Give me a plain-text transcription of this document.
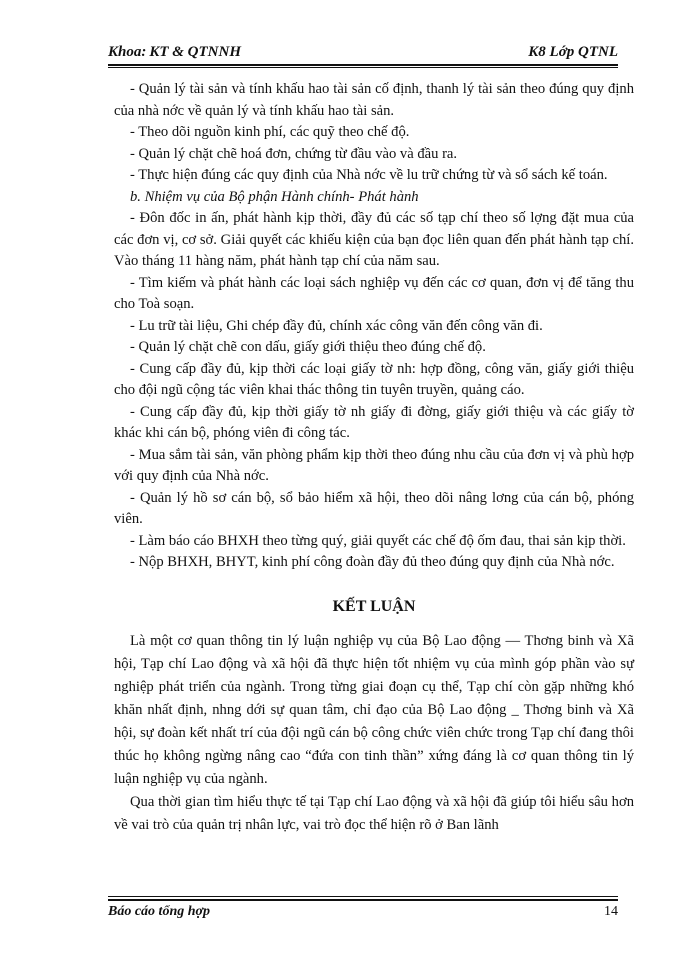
Khoa: KT & QTNNH	K8 Lớp QTNL

- Quản lý tài sản và tính khấu hao tài sản cố định, thanh lý tài sản theo đúng quy định của nhà nớc về quản lý và tính khấu hao tài sản.

- Theo dõi nguồn kinh phí, các quỹ theo chế độ.

- Quản lý chặt chẽ hoá đơn, chứng từ đầu vào và đầu ra.

- Thực hiện đúng các quy định của Nhà nớc về lu trữ chứng từ và sổ sách kế toán.

b. Nhiệm vụ của Bộ phận Hành chính- Phát hành

- Đôn đốc in ấn, phát hành kịp thời, đầy đủ các số tạp chí theo số lợng đặt mua của các đơn vị, cơ sở. Giải quyết các khiếu kiện của bạn đọc liên quan đến phát hành tạp chí. Vào tháng 11 hàng năm, phát hành tạp chí của năm sau.

- Tìm kiếm và phát hành các loại sách nghiệp vụ đến các cơ quan, đơn vị để tăng thu cho Toà soạn.

- Lu trữ tài liệu, Ghi chép đầy đủ, chính xác công văn đến công văn đi.

- Quản lý chặt chẽ con dấu, giấy giới thiệu theo đúng chế độ.

- Cung cấp đầy đủ, kịp thời các loại giấy tờ nh: hợp đồng, công văn, giấy giới thiệu cho đội ngũ cộng tác viên khai thác thông tin tuyên truyền, quảng cáo.

- Cung cấp đầy đủ, kịp thời giấy tờ nh giấy đi đờng, giấy giới thiệu và các giấy tờ khác khi cán bộ, phóng viên đi công tác.

- Mua sắm tài sản, văn phòng phẩm kịp thời theo đúng nhu cầu của đơn vị và phù hợp với quy định của Nhà nớc.

- Quản lý hồ sơ cán bộ, sổ bảo hiểm xã hội, theo dõi nâng lơng của cán bộ, phóng viên.

- Làm báo cáo BHXH theo từng quý, giải quyết các chế độ ốm đau, thai sản kịp thời.

- Nộp BHXH, BHYT, kinh phí công đoàn đầy đủ theo đúng quy định của Nhà nớc.

KẾT LUẬN

Là một cơ quan thông tin lý luận nghiệp vụ của Bộ Lao động — Thơng binh và Xã hội, Tạp chí Lao động và xã hội đã thực hiện tốt nhiệm vụ của mình góp phần vào sự nghiệp phát triển của ngành. Trong từng giai đoạn cụ thể, Tạp chí còn gặp những khó khăn nhất định, nhng dới sự quan tâm, chỉ đạo của Bộ Lao động _ Thơng binh và Xã hội, sự đoàn kết nhất trí của đội ngũ cán bộ công chức viên chức trong Tạp chí đang thôi thúc họ không ngừng nâng cao “đứa con tinh thần” xứng đáng là cơ quan thông tin lý luận nghiệp vụ của ngành.

Qua thời gian tìm hiểu thực tế tại Tạp chí Lao động và xã hội đã giúp tôi hiểu sâu hơn về vai trò của quản trị nhân lực, vai trò đọc thể hiện rõ ở Ban lãnh

Báo cáo tổng hợp	14
